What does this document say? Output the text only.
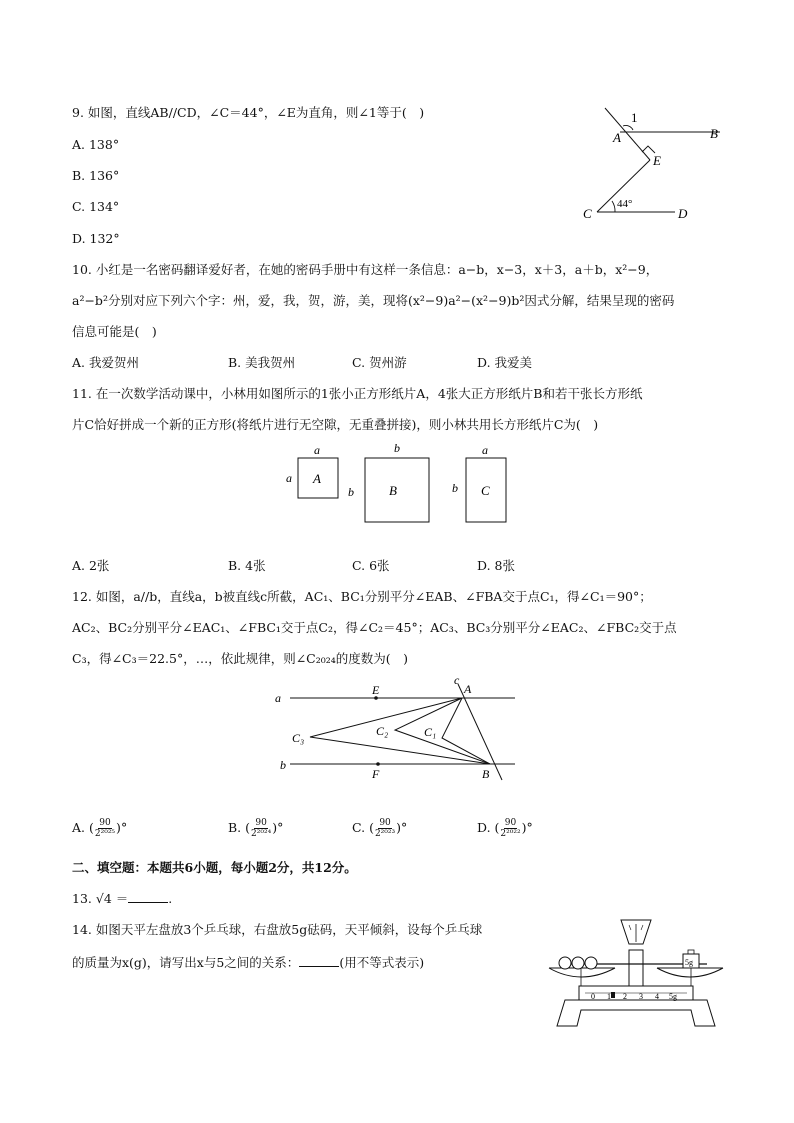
9. 如图，直线AB//CD，∠C＝44°，∠E为直角，则∠1等于(　)
A. 138°
B. 136°
C. 134°
D. 132°
1
A	B
E
C	D
44°
10. 小红是一名密码翻译爱好者，在她的密码手册中有这样一条信息：a−b，x−3，x＋3，a＋b，x²−9，
a²−b²分别对应下列六个字：州，爱，我，贺，游，美，现将(x²−9)a²−(x²−9)b²因式分解，结果呈现的密码
信息可能是(　)
A. 我爱贺州	B. 美我贺州	C. 贺州游	D. 我爱美
11. 在一次数学活动课中，小林用如图所示的1张小正方形纸片A，4张大正方形纸片B和若干张长方形纸
片C恰好拼成一个新的正方形(将纸片进行无空隙，无重叠拼接)，则小林共用长方形纸片C为(　)
a
a A
b
b	B
a
b C
A. 2张	B. 4张	C. 6张	D. 8张
12. 如图，a//b，直线a，b被直线c所截，AC₁、BC₁分别平分∠EAB、∠FBA交于点C₁，得∠C₁＝90°；
AC₂、BC₂分别平分∠EAC₁、∠FBC₁交于点C₂，得∠C₂＝45°；AC₃、BC₃分别平分∠EAC₂、∠FBC₂交于点
C₃，得∠C₃＝22.5°，…，依此规律，则∠C₂₀₂₄的度数为(　)
a
b
c
A
B
E
F
C₁
C₂
C₃
A. ( $\frac{90}{\text{2²⁰²⁵}}$ )°	B. ( $\frac{90}{\text{2²⁰²⁴}}$ )°	C. ( $\frac{90}{\text{2²⁰²³}}$ )°	D. ( $\frac{90}{\text{2²⁰²²}}$ )°
二、填空题：本题共6小题，每小题2分，共12分。
13. √4 ＝	.
14. 如图天平左盘放3个乒乓球，右盘放5g砝码，天平倾斜，设每个乒乓球
的质量为x(g)，请写出x与5之间的关系：	(用不等式表示)
0 1 2 3 4 5g
5g
